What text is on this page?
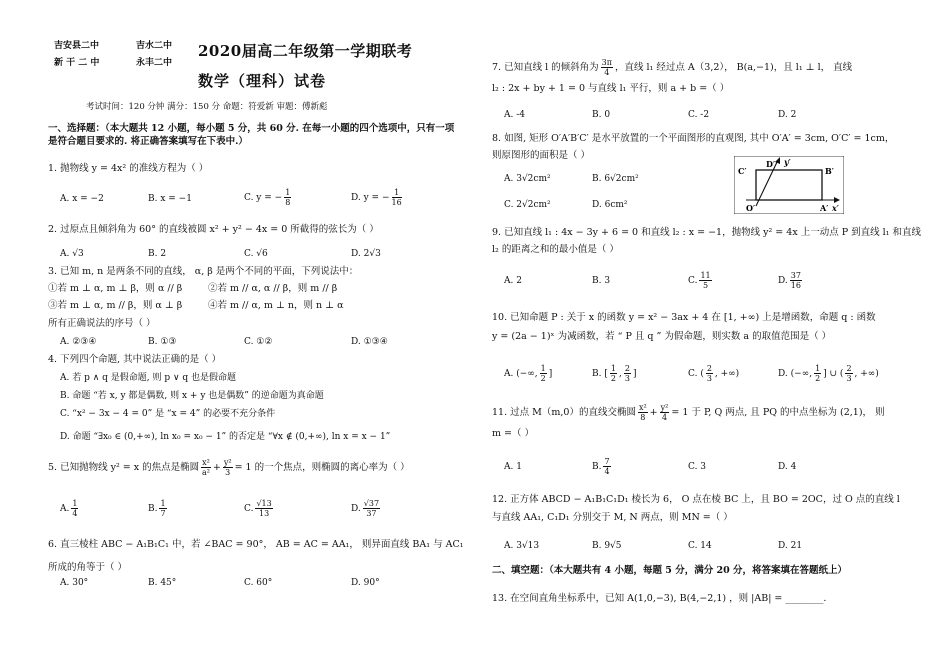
吉安县二中	吉水二中
新 干 二 中	永丰二中
2020届高二年级第一学期联考
数学（理科）试卷
考试时间：120 分钟 满分：150 分 命题：符爱新 审题：傅新彪
一、选择题：（本大题共 12 小题，每小题 5 分，共 60 分. 在每一小题的四个选项中，只有一项是符合题目要求的. 将正确答案填写在下表中.）
1. 抛物线 y = 4x² 的准线方程为（ ）
A. x = −2	B. x = −1	C. y = − $\frac{1}{8}$	D. y = − $\frac{1}{16}$
2. 过原点且倾斜角为 60° 的直线被圆 x² + y² − 4x = 0 所截得的弦长为（ ）
A. √3	B. 2	C. √6	D. 2√3
3. 已知 m, n 是两条不同的直线， α, β 是两个不同的平面，下列说法中：
①若 m ⊥ α, m ⊥ β，则 α // β	②若 m // α, α // β，则 m // β
③若 m ⊥ α, m // β，则 α ⊥ β	④若 m // α, m ⊥ n，则 n ⊥ α
所有正确说法的序号（ ）
A. ②③④	B. ①③	C. ①②	D. ①③④
4. 下列四个命题, 其中说法正确的是（ ）
A. 若 p ∧ q 是假命题, 则 p ∨ q 也是假命题
B. 命题 “若 x, y 都是偶数, 则 x + y 也是偶数” 的逆命题为真命题
C. “x² − 3x − 4 = 0” 是 “x = 4” 的必要不充分条件
D. 命题 “∃x₀ ∈ (0,+∞), ln x₀ = x₀ − 1” 的否定是 “∀x ∉ (0,+∞), ln x = x − 1”
5. 已知抛物线 y² = x 的焦点是椭圆 $\frac{\text{x²}}{\text{a²}} + \frac{\text{y²}}{3} = 1$ 的一个焦点，则椭圆的离心率为（ ）
A. $\frac{1}{4}$	B. $\frac{1}{7}$	C. $\frac{√13}{13}$	D. $\frac{√37}{37}$
6. 直三棱柱 ABC − A₁B₁C₁ 中，若 ∠BAC = 90°， AB = AC = AA₁， 则异面直线 BA₁ 与 AC₁
所成的角等于（ ）
A. 30°	B. 45°	C. 60°	D. 90°
7. 已知直线 l 的倾斜角为 $\frac{3\pi}{4}$ ，直线 l₁ 经过点 A（3,2）， B(a,−1)，且 l₁ ⊥ l， 直线
l₂ : 2x + by + 1 = 0 与直线 l₁ 平行，则 a + b =（ ）
A. -4	B. 0	C. -2	D. 2
8. 如图, 矩形 O′A′B′C′ 是水平放置的一个平面图形的直观图, 其中 O′A′ = 3cm, O′C′ = 1cm，
则原图形的面积是（ ）
A. 3√2cm²	B. 6√2cm²
C. 2√2cm²	D. 6cm²
C′
D′ y′
B′
O′	A′ x′
9. 已知直线 l₁ : 4x − 3y + 6 = 0 和直线 l₂ : x = −1，抛物线 y² = 4x 上一动点 P 到直线 l₁ 和直线
l₂ 的距离之和的最小值是（ ）
A. 2	B. 3	C. $\frac{11}{5}$	D. $\frac{37}{16}$
10. 已知命题 P : 关于 x 的函数 y = x² − 3ax + 4 在 [1, +∞) 上是增函数，命题 q : 函数
y = (2a − 1)ˣ 为减函数，若 “ P 且 q ” 为假命题，则实数 a 的取值范围是（ ）
A. (−∞, $\frac{1}{2}$ ]	B. [ $\frac{1}{2}$ , $\frac{2}{3}$ ]	C. ( $\frac{2}{3}$ , +∞)	D. (−∞, $\frac{1}{2}$ ] ∪ ( $\frac{2}{3}$ , +∞)
11. 过点 M（m,0）的直线交椭圆 $\frac{\text{x²}}{8} + \frac{\text{y²}}{4} = 1$ 于 P, Q 两点, 且 PQ 的中点坐标为 (2,1)， 则
m =（ ）
A. 1	B. $\frac{7}{4}$	C. 3	D. 4
12. 正方体 ABCD − A₁B₁C₁D₁ 棱长为 6， O 点在棱 BC 上，且 BO = 2OC，过 O 点的直线 l
与直线 AA₁, C₁D₁ 分别交于 M, N 两点，则 MN =（ ）
A. 3√13	B. 9√5	C. 14	D. 21
二、填空题：（本大题共有 4 小题，每题 5 分，满分 20 分，将答案填在答题纸上）
13. 在空间直角坐标系中，已知 A(1,0,−3), B(4,−2,1) ，则 |AB| = ________.
